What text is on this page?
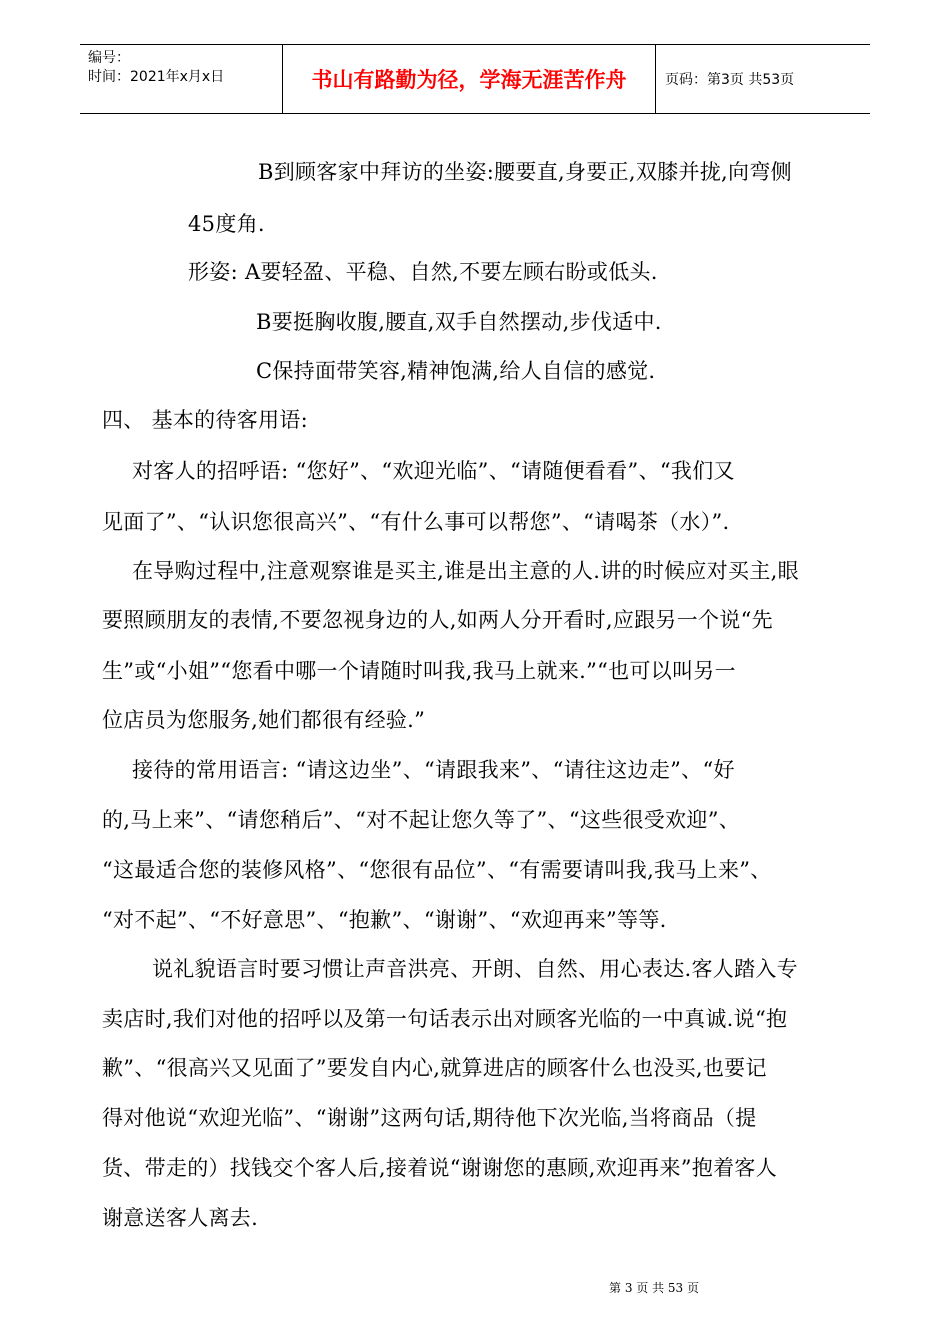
编号：
时间：2021年x月x日	书山有路勤为径，学海无涯苦作舟	页码：第3页 共53页
B到顾客家中拜访的坐姿:腰要直,身要正,双膝并拢,向弯侧
45度角.
形姿: A要轻盈、平稳、自然,不要左顾右盼或低头.
B要挺胸收腹,腰直,双手自然摆动,步伐适中.
C保持面带笑容,精神饱满,给人自信的感觉.
四、 基本的待客用语:
对客人的招呼语: “您好”、“欢迎光临”、“请随便看看”、“我们又
见面了”、“认识您很高兴”、“有什么事可以帮您”、“请喝茶（水）”.
在导购过程中,注意观察谁是买主,谁是出主意的人.讲的时候应对买主,眼
要照顾朋友的表情,不要忽视身边的人,如两人分开看时,应跟另一个说“先
生”或“小姐”“您看中哪一个请随时叫我,我马上就来.”“也可以叫另一
位店员为您服务,她们都很有经验.”
接待的常用语言: “请这边坐”、“请跟我来”、“请往这边走”、“好
的,马上来”、“请您稍后”、“对不起让您久等了”、“这些很受欢迎”、
“这最适合您的装修风格”、“您很有品位”、“有需要请叫我,我马上来”、
“对不起”、“不好意思”、“抱歉”、“谢谢”、“欢迎再来”等等.
说礼貌语言时要习惯让声音洪亮、开朗、自然、用心表达.客人踏入专
卖店时,我们对他的招呼以及第一句话表示出对顾客光临的一中真诚.说“抱
歉”、“很高兴又见面了”要发自内心,就算进店的顾客什么也没买,也要记
得对他说“欢迎光临”、“谢谢”这两句话,期待他下次光临,当将商品（提
货、带走的）找钱交个客人后,接着说“谢谢您的惠顾,欢迎再来”抱着客人
谢意送客人离去.
第 3 页 共 53 页
